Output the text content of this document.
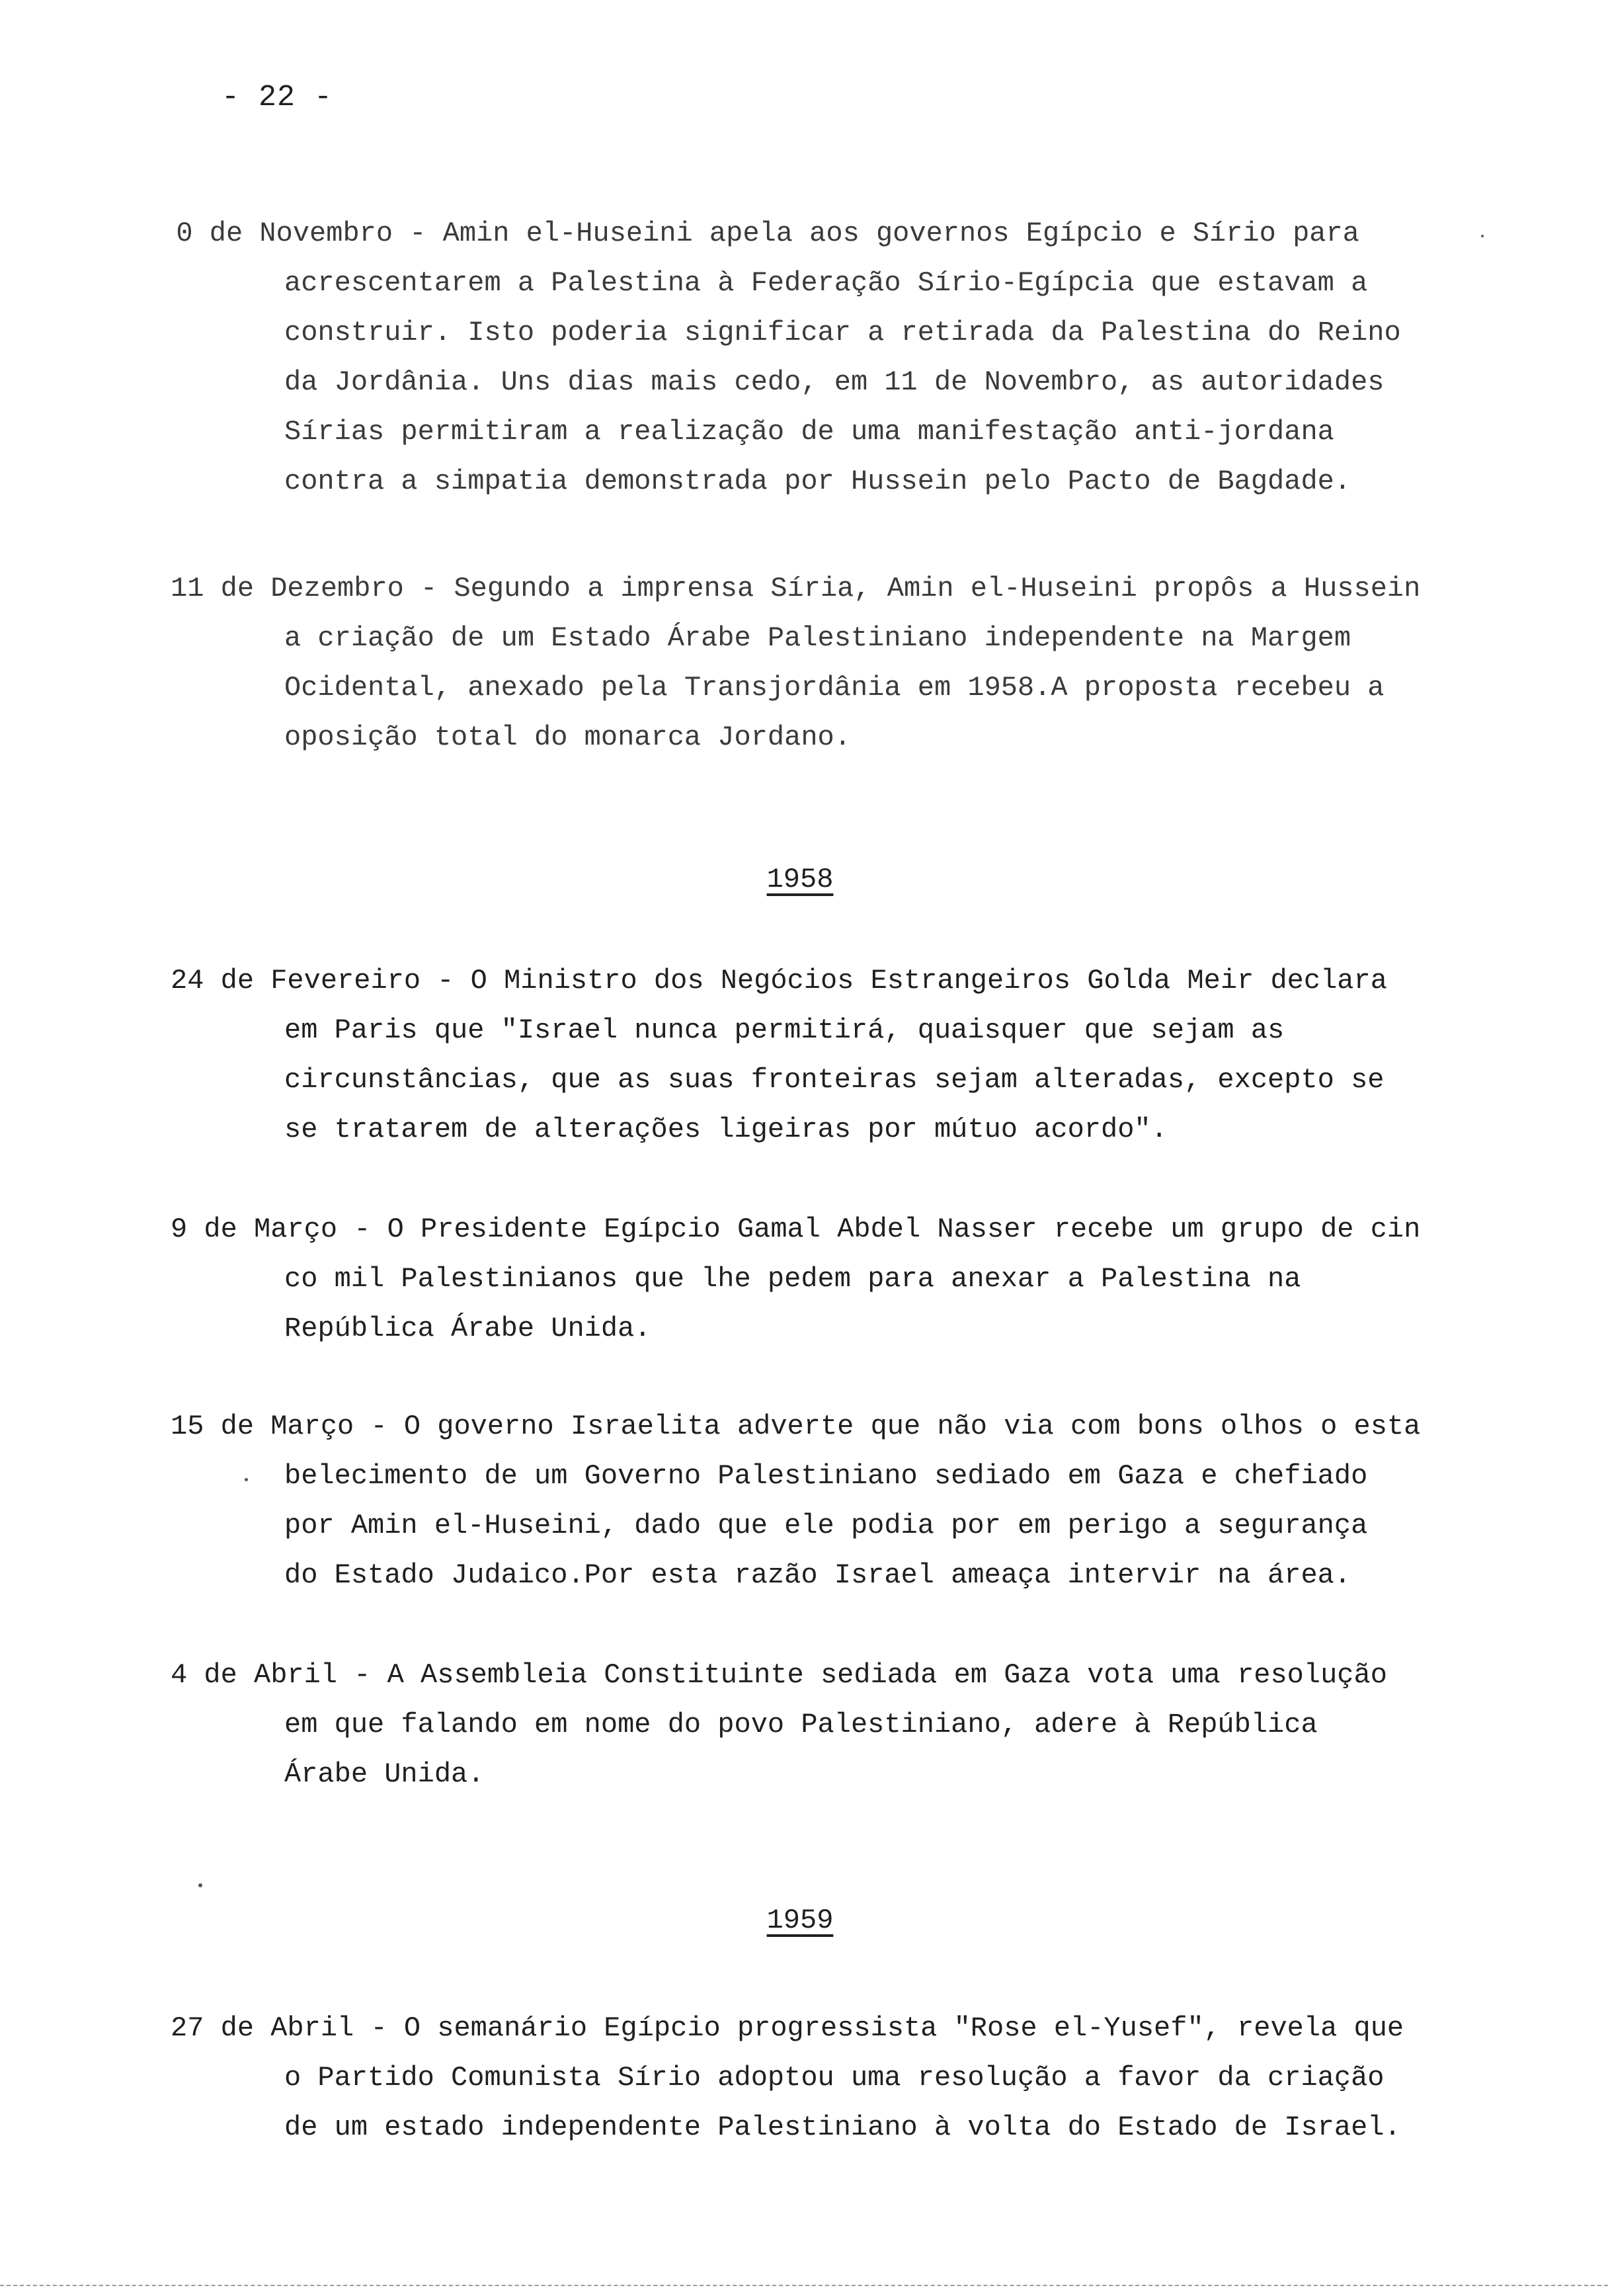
- 22 -

 0 de Novembro - Amin el-Huseini apela aos governos Egípcio e Sírio para
acrescentarem a Palestina à Federação Sírio-Egípcia que estavam a construir. Isto poderia significar a retirada da Palestina do Reino da Jordânia. Uns dias mais cedo, em 11 de Novembro, as autoridades Sírias permitiram a realização de uma manifestação anti-jordana contra a simpatia demonstrada por Hussein pelo Pacto de Bagdade.

11 de Dezembro - Segundo a imprensa Síria, Amin el-Huseini propôs a Hussein
a criação de um Estado Árabe Palestiniano independente na Margem Ocidental, anexado pela Transjordânia em 1958.A proposta recebeu a oposição total do monarca Jordano.

1958

24 de Fevereiro - O Ministro dos Negócios Estrangeiros Golda Meir declara
em Paris que "Israel nunca permitirá, quaisquer que sejam as circunstâncias, que as suas fronteiras sejam alteradas, excepto se se tratarem de alterações ligeiras por mútuo acordo".

9 de Março - O Presidente Egípcio Gamal Abdel Nasser recebe um grupo de cin
co mil Palestinianos que lhe pedem para anexar a Palestina na República Árabe Unida.

15 de Março - O governo Israelita adverte que não via com bons olhos o esta
belecimento de um Governo Palestiniano sediado em Gaza e chefiado por Amin el-Huseini, dado que ele podia por em perigo a segurança do Estado Judaico.Por esta razão Israel ameaça intervir na área.

4 de Abril - A Assembleia Constituinte sediada em Gaza vota uma resolução
em que falando em nome do povo Palestiniano, adere à República Árabe Unida.

1959

27 de Abril - O semanário Egípcio progressista "Rose el-Yusef", revela que
o Partido Comunista Sírio adoptou uma resolução a favor da criação de um estado independente Palestiniano à volta do Estado de Israel.
